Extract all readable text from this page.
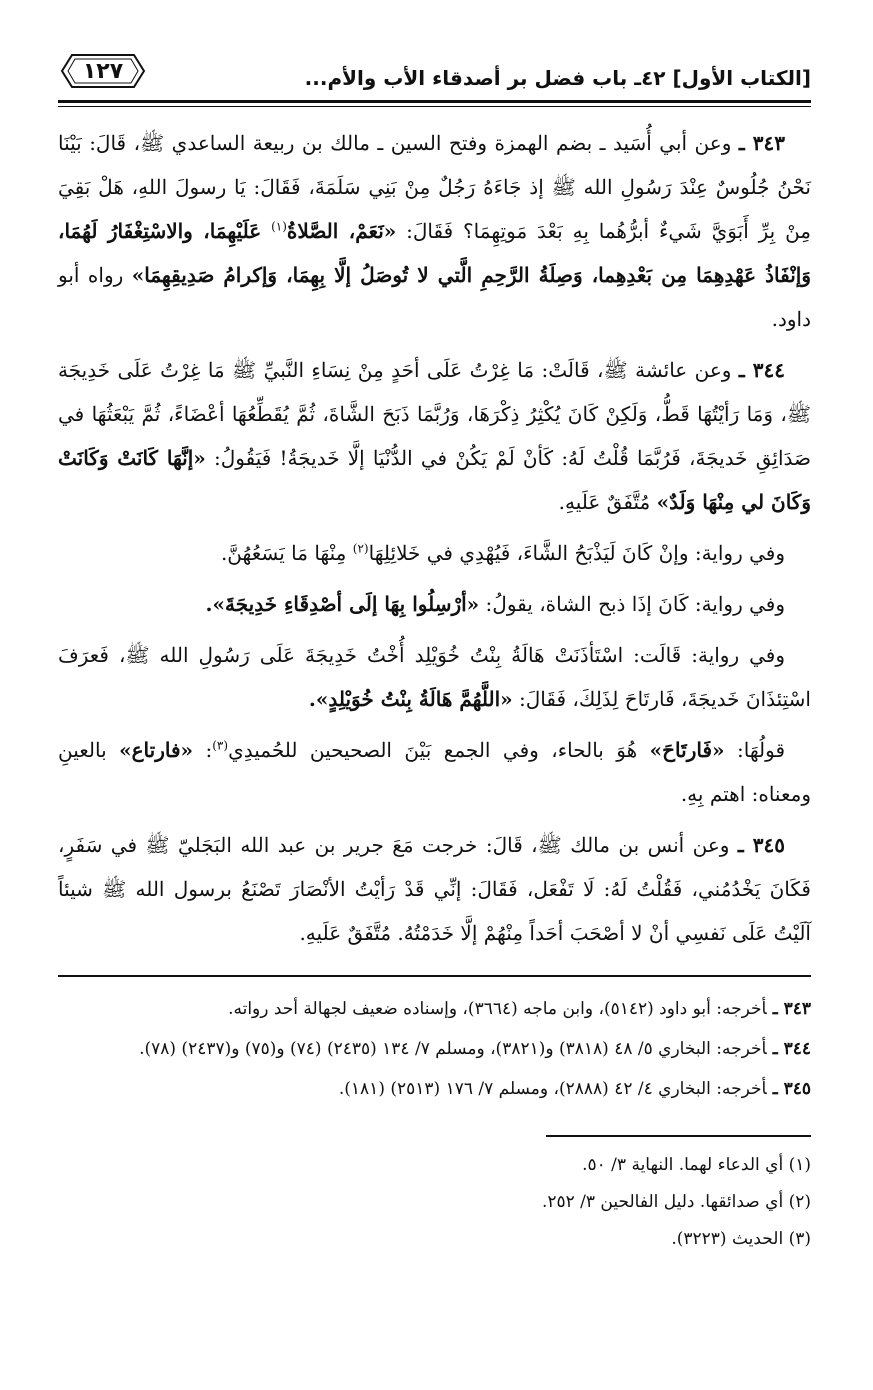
[الكتاب الأول] ٤٢ـ باب فضل بر أصدقاء الأب والأم...
١٢٧

٣٤٣ ـ وعن أبي أُسَيد ـ بضم الهمزة وفتح السين ـ مالك بن ربيعة الساعدي ﷺ، قَالَ: بَيْنَا نَحْنُ جُلُوسٌ عِنْدَ رَسُولِ الله ﷺ إذ جَاءَهُ رَجُلٌ مِنْ بَنِي سَلَمَةَ، فَقَالَ: يَا رسولَ اللهِ، هَلْ بَقِيَ مِنْ بِرِّ أَبَوَيَّ شَيءٌ أبرُّهُما بِهِ بَعْدَ مَوتِهِمَا؟ فَقَالَ: «نَعَمْ، الصَّلاةُ$^{(١)}$ عَلَيْهِمَا، والاسْتِغْفَارُ لَهُمَا، وَإنْفَاذُ عَهْدِهِمَا مِن بَعْدِهِما، وَصِلَةُ الرَّحِمِ الَّتي لا تُوصَلُ إلَّا بِهِمَا، وَإكرامُ صَدِيقِهِمَا» رواه أبو داود.

٣٤٤ ـ وعن عائشة ﷺ، قَالَتْ: مَا غِرْتُ عَلَى أحَدٍ مِنْ نِسَاءِ النَّبيِّ ﷺ مَا غِرْتُ عَلَى خَدِيجَة ﷺ، وَمَا رَأيْتُهَا قَطُّ، وَلَكِنْ كَانَ يُكْثِرُ ذِكْرَهَا، وَرُبَّمَا ذَبَحَ الشَّاةَ، ثُمَّ يُقَطِّعُهَا أعْضَاءً، ثُمَّ يَبْعَثُهَا في صَدَائِقِ خَديجَةَ، فَرُبَّمَا قُلْتُ لَهُ: كَأنْ لَمْ يَكُنْ في الدُّنْيَا إلَّا خَديجَةُ! فَيَقُولُ: «إنَّهَا كَانَتْ وَكَانَتْ وَكَانَ لي مِنْهَا وَلَدٌ» مُتَّفَقٌ عَلَيهِ.

وفي رواية: وإنْ كَانَ لَيَذْبَحُ الشَّاءَ، فَيُهْدِي في خَلائِلِهَا$^{(٢)}$ مِنْهَا مَا يَسَعُهُنَّ.

وفي رواية: كَانَ إذَا ذبح الشاة، يقولُ: «أرْسِلُوا بِهَا إلَى أصْدِقَاءِ خَدِيجَةَ».

وفي رواية: قَالَت: اسْتَأذَنَتْ هَالَةُ بِنْتُ خُوَيْلِد أُخْتُ خَدِيجَةَ عَلَى رَسُولِ الله ﷺ، فَعرَفَ اسْتِئذَانَ خَديجَةَ، فَارتَاحَ لِذَلِكَ، فَقَالَ: «اللَّهُمَّ هَالَةُ بِنْتُ خُوَيْلِدٍ».

قولُهَا: «فَارتَاحَ» هُوَ بالحاء، وفي الجمع بَيْنَ الصحيحين للحُميدِي$^{(٣)}$: «فارتاع» بالعينِ ومعناه: اهتم بِهِ.

٣٤٥ ـ وعن أنس بن مالك ﷺ، قَالَ: خرجت مَعَ جرير بن عبد الله البَجَليّ ﷺ في سَفَرٍ، فَكَانَ يَخْدُمُني، فَقُلْتُ لَهُ: لَا تَفْعَل، فَقَالَ: إنِّي قَدْ رَأيْتُ الأنْصَارَ تَصْنَعُ برسول الله ﷺ شيئاً آلَيْتُ عَلَى نَفسِي أنْ لا أصْحَبَ أحَداً مِنْهُمْ إلَّا خَدَمْتُهُ. مُتَّفَقٌ عَلَيهِ.

٣٤٣ ـأخرجه: أبو داود (٥١٤٢)، وابن ماجه (٣٦٦٤)، وإسناده ضعيف لجهالة أحد رواته.

٣٤٤ ـأخرجه: البخاري ٥/ ٤٨ (٣٨١٨) و(٣٨٢١)، ومسلم ٧/ ١٣٤ (٢٤٣٥) (٧٤) و(٧٥) و(٢٤٣٧) (٧٨).

٣٤٥ ـأخرجه: البخاري ٤/ ٤٢ (٢٨٨٨)، ومسلم ٧/ ١٧٦ (٢٥١٣) (١٨١).

(١) أي الدعاء لهما. النهاية ٣/ ٥٠.

(٢) أي صدائقها. دليل الفالحين ٣/ ٢٥٢.

(٣) الحديث (٣٢٢٣).
